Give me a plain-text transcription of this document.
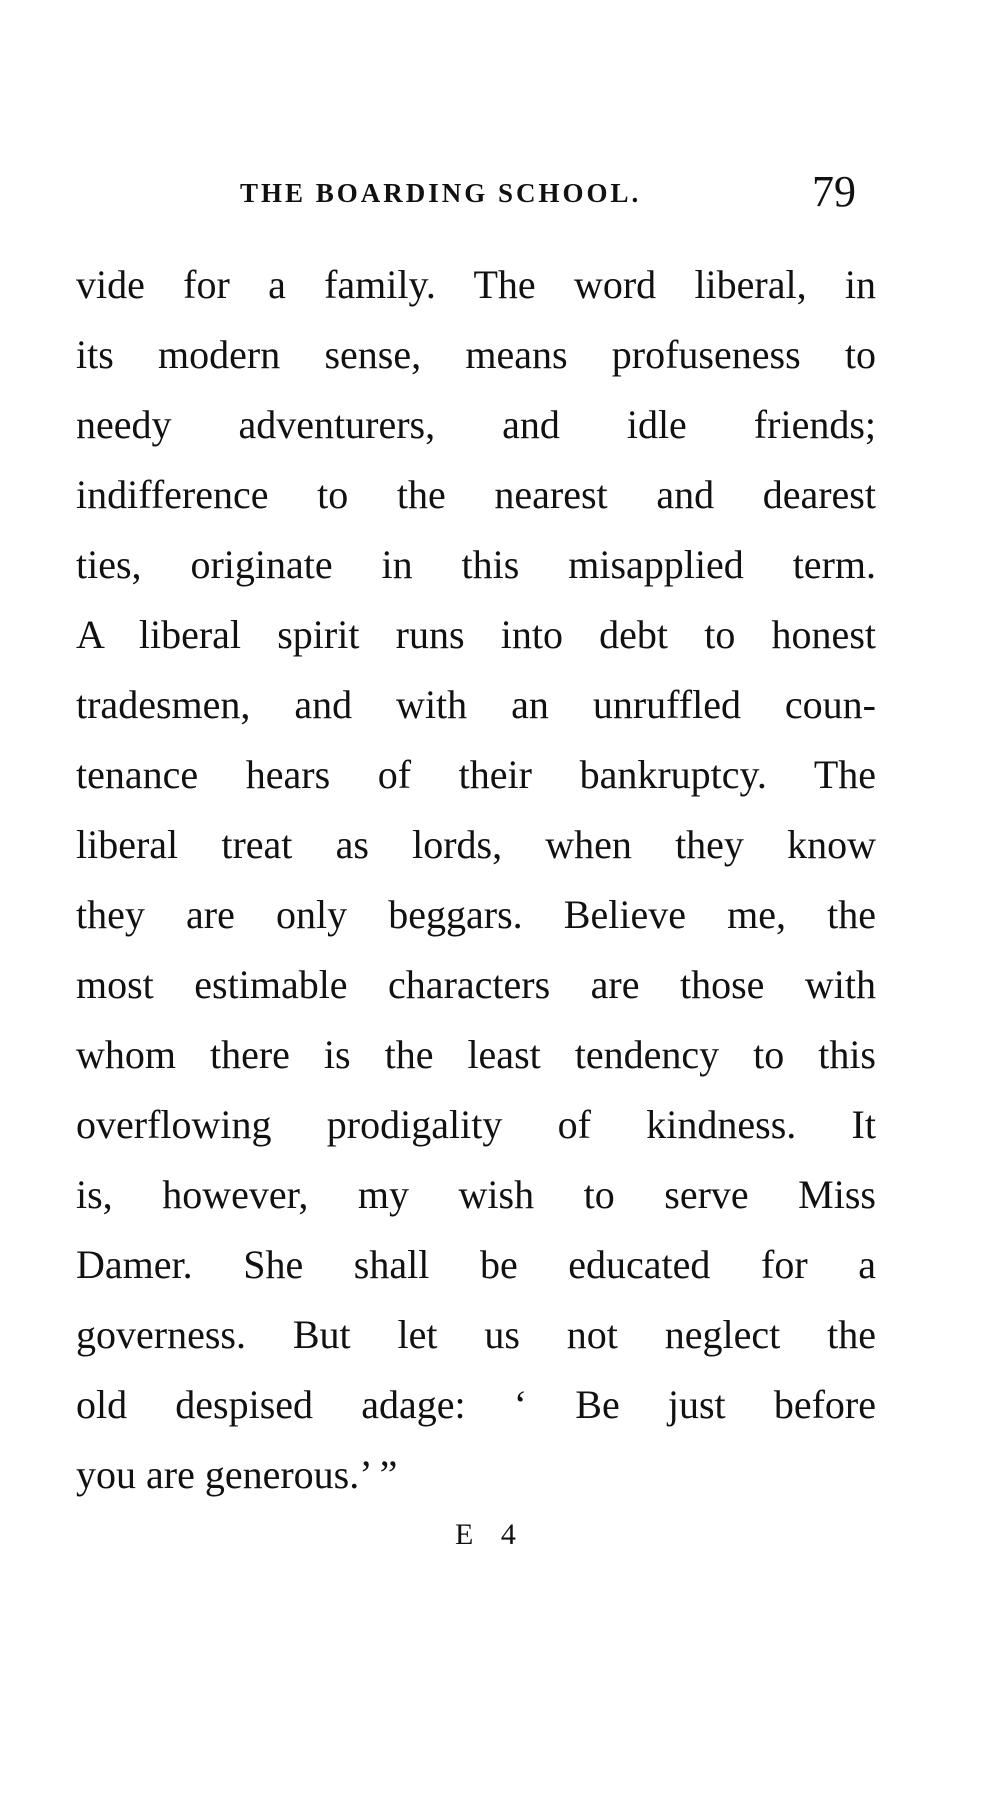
THE BOARDING SCHOOL.	79
vide for a family. The word liberal, in
its modern sense, means profuseness to
needy adventurers, and idle friends;
indifference to the nearest and dearest
ties, originate in this misapplied term.
A liberal spirit runs into debt to honest
tradesmen, and with an unruffled coun-
tenance hears of their bankruptcy. The
liberal treat as lords, when they know
they are only beggars. Believe me, the
most estimable characters are those with
whom there is the least tendency to this
overflowing prodigality of kindness. It
is, however, my wish to serve Miss
Damer. She shall be educated for a
governess. But let us not neglect the
old despised adage: ‘ Be just before
you are generous.’ ”
E 4
